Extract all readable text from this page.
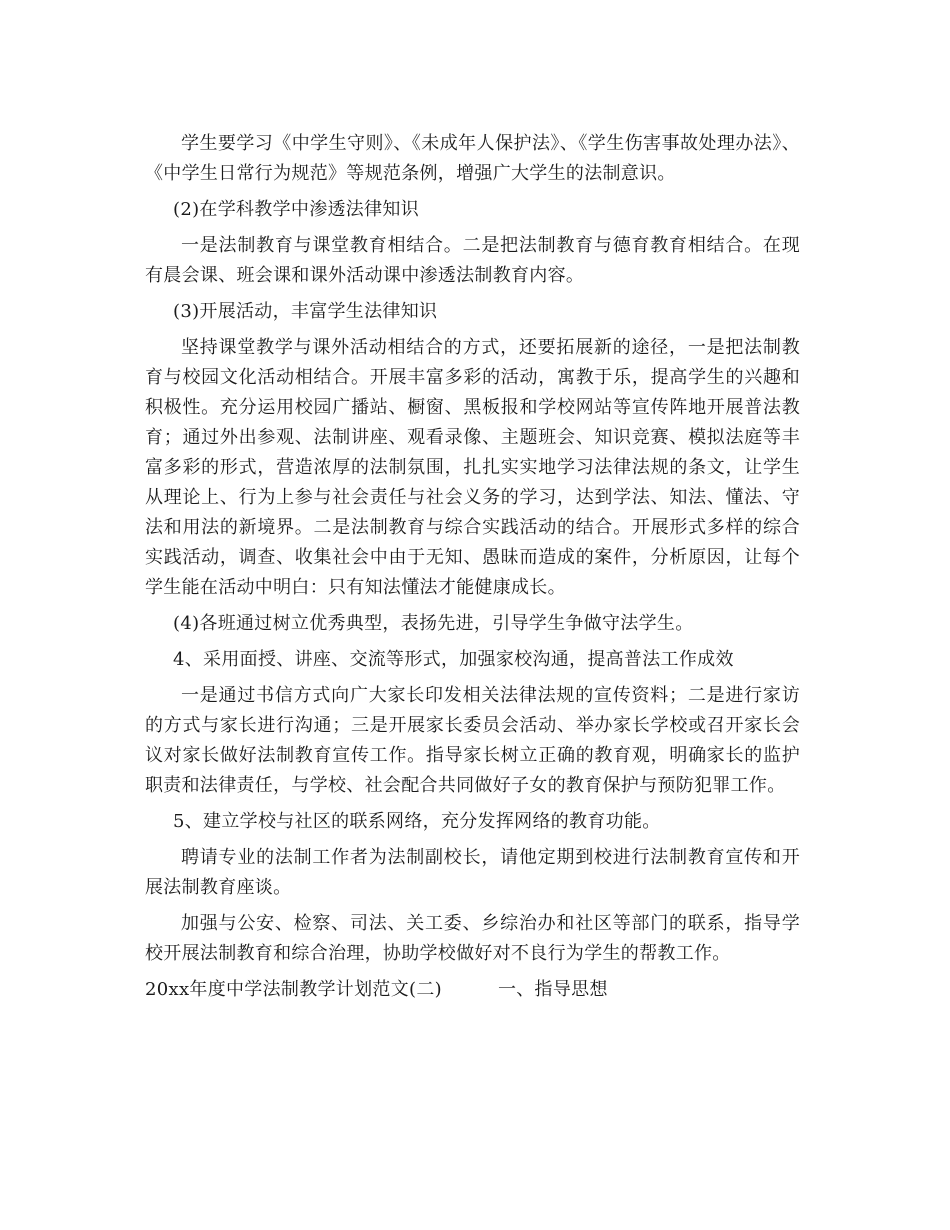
学生要学习《中学生守则》、《未成年人保护法》、《学生伤害事故处理办法》、《中学生日常行为规范》等规范条例，增强广大学生的法制意识。

(2)在学科教学中渗透法律知识

一是法制教育与课堂教育相结合。二是把法制教育与德育教育相结合。在现有晨会课、班会课和课外活动课中渗透法制教育内容。

(3)开展活动，丰富学生法律知识

坚持课堂教学与课外活动相结合的方式，还要拓展新的途径，一是把法制教育与校园文化活动相结合。开展丰富多彩的活动，寓教于乐，提高学生的兴趣和积极性。充分运用校园广播站、橱窗、黑板报和学校网站等宣传阵地开展普法教育；通过外出参观、法制讲座、观看录像、主题班会、知识竞赛、模拟法庭等丰富多彩的形式，营造浓厚的法制氛围，扎扎实实地学习法律法规的条文，让学生从理论上、行为上参与社会责任与社会义务的学习，达到学法、知法、懂法、守法和用法的新境界。二是法制教育与综合实践活动的结合。开展形式多样的综合实践活动，调查、收集社会中由于无知、愚昧而造成的案件，分析原因，让每个学生能在活动中明白：只有知法懂法才能健康成长。

(4)各班通过树立优秀典型，表扬先进，引导学生争做守法学生。

4、采用面授、讲座、交流等形式，加强家校沟通，提高普法工作成效

一是通过书信方式向广大家长印发相关法律法规的宣传资料；二是进行家访的方式与家长进行沟通；三是开展家长委员会活动、举办家长学校或召开家长会议对家长做好法制教育宣传工作。指导家长树立正确的教育观，明确家长的监护职责和法律责任，与学校、社会配合共同做好子女的教育保护与预防犯罪工作。

5、建立学校与社区的联系网络，充分发挥网络的教育功能。

聘请专业的法制工作者为法制副校长，请他定期到校进行法制教育宣传和开展法制教育座谈。

加强与公安、检察、司法、关工委、乡综治办和社区等部门的联系，指导学校开展法制教育和综合治理，协助学校做好对不良行为学生的帮教工作。

20xx年度中学法制教学计划范文(二)	一、指导思想
